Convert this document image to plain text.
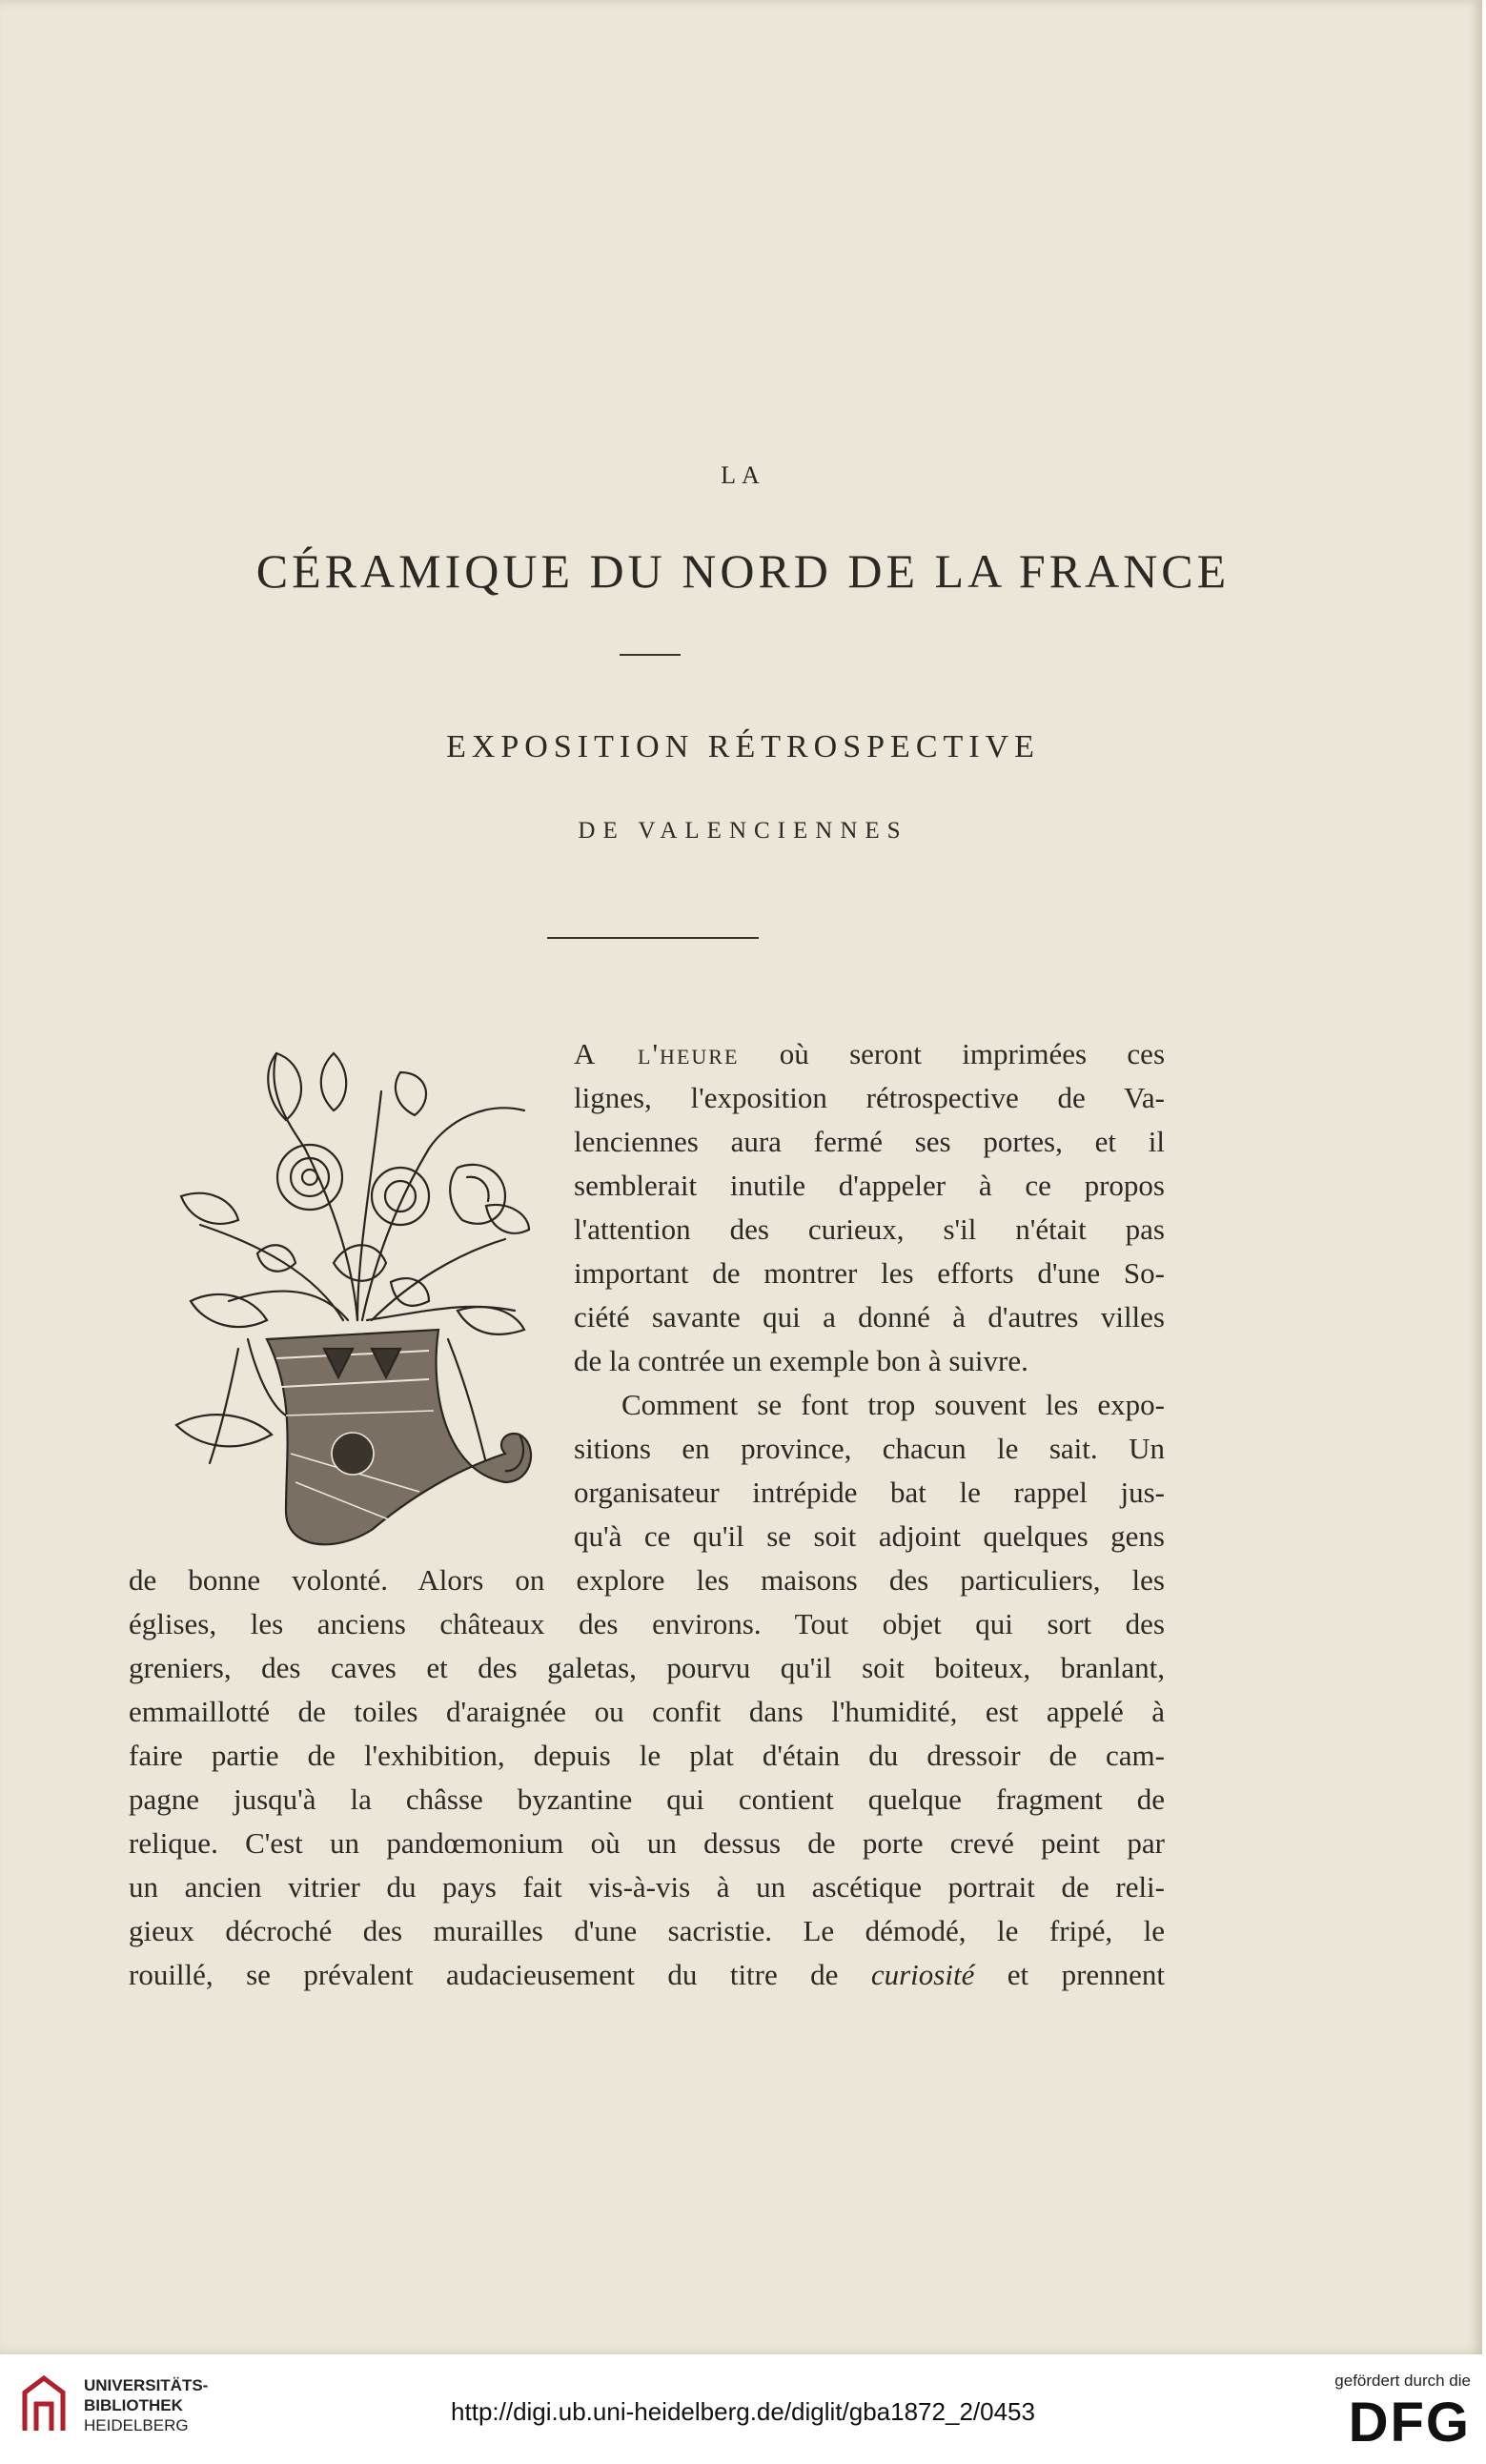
LA
CÉRAMIQUE DU NORD DE LA FRANCE
EXPOSITION RÉTROSPECTIVE
DE VALENCIENNES
A l'heure où seront imprimées ces
lignes, l'exposition rétrospective de Va-
lenciennes aura fermé ses portes, et il
semblerait inutile d'appeler à ce propos
l'attention des curieux, s'il n'était pas
important de montrer les efforts d'une So-
ciété savante qui a donné à d'autres villes
de la contrée un exemple bon à suivre.
Comment se font trop souvent les expo-
sitions en province, chacun le sait. Un
organisateur intrépide bat le rappel jus-
qu'à ce qu'il se soit adjoint quelques gens
de bonne volonté. Alors on explore les maisons des particuliers, les
églises, les anciens châteaux des environs. Tout objet qui sort des
greniers, des caves et des galetas, pourvu qu'il soit boiteux, branlant,
emmaillotté de toiles d'araignée ou confit dans l'humidité, est appelé à
faire partie de l'exhibition, depuis le plat d'étain du dressoir de cam-
pagne jusqu'à la châsse byzantine qui contient quelque fragment de
relique. C'est un pandœmonium où un dessus de porte crevé peint par
un ancien vitrier du pays fait vis-à-vis à un ascétique portrait de reli-
gieux décroché des murailles d'une sacristie. Le démodé, le fripé, le
rouillé, se prévalent audacieusement du titre de curiosité et prennent
UNIVERSITÄTS-
BIBLIOTHEK
HEIDELBERG	http://digi.ub.uni-heidelberg.de/diglit/gba1872_2/0453
gefördert durch die
DFG
